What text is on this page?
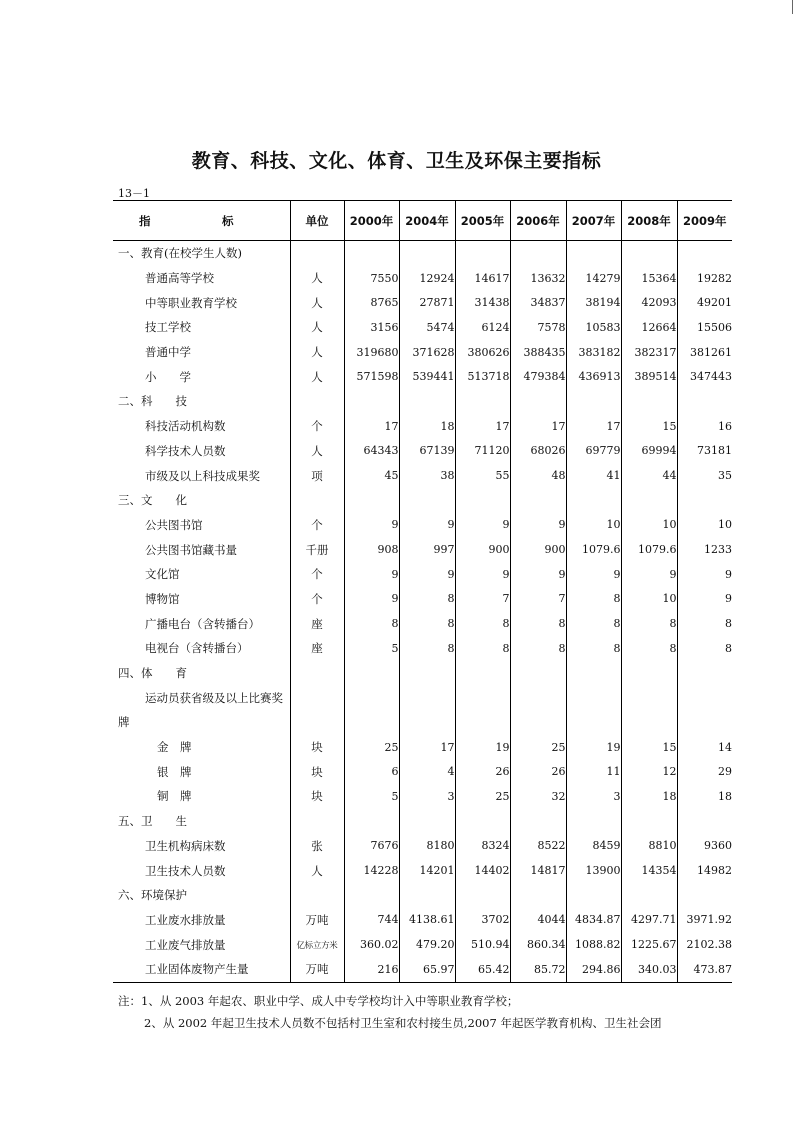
教育、科技、文化、体育、卫生及环保主要指标
13－1
指　标	单位	2000年	2004年	2005年	2006年	2007年	2008年	2009年
一、教育(在校学生人数)								
普通高等学校	人	7550	12924	14617	13632	14279	15364	19282
中等职业教育学校	人	8765	27871	31438	34837	38194	42093	49201
技工学校	人	3156	5474	6124	7578	10583	12664	15506
普通中学	人	319680	371628	380626	388435	383182	382317	381261
小　　学	人	571598	539441	513718	479384	436913	389514	347443
二、科　　技								
科技活动机构数	个	17	18	17	17	17	15	16
科学技术人员数	人	64343	67139	71120	68026	69779	69994	73181
市级及以上科技成果奖	项	45	38	55	48	41	44	35
三、文　　化								
公共图书馆	个	9	9	9	9	10	10	10
公共图书馆藏书量	千册	908	997	900	900	1079.6	1079.6	1233
文化馆	个	9	9	9	9	9	9	9
博物馆	个	9	8	7	7	8	10	9
广播电台（含转播台）	座	8	8	8	8	8	8	8
电视台（含转播台）	座	5	8	8	8	8	8	8
四、体　　育								
运动员获省级及以上比赛奖								
牌								
金　牌	块	25	17	19	25	19	15	14
银　牌	块	6	4	26	26	11	12	29
铜　牌	块	5	3	25	32	3	18	18
五、卫　　生								
卫生机构病床数	张	7676	8180	8324	8522	8459	8810	9360
卫生技术人员数	人	14228	14201	14402	14817	13900	14354	14982
六、环境保护								
工业废水排放量	万吨	744	4138.61	3702	4044	4834.87	4297.71	3971.92
工业废气排放量	亿标立方米	360.02	479.20	510.94	860.34	1088.82	1225.67	2102.38
工业固体废物产生量	万吨	216	65.97	65.42	85.72	294.86	340.03	473.87
注：1、从 2003 年起农、职业中学、成人中专学校均计入中等职业教育学校；
2、从 2002 年起卫生技术人员数不包括村卫生室和农村接生员,2007 年起医学教育机构、卫生社会团
